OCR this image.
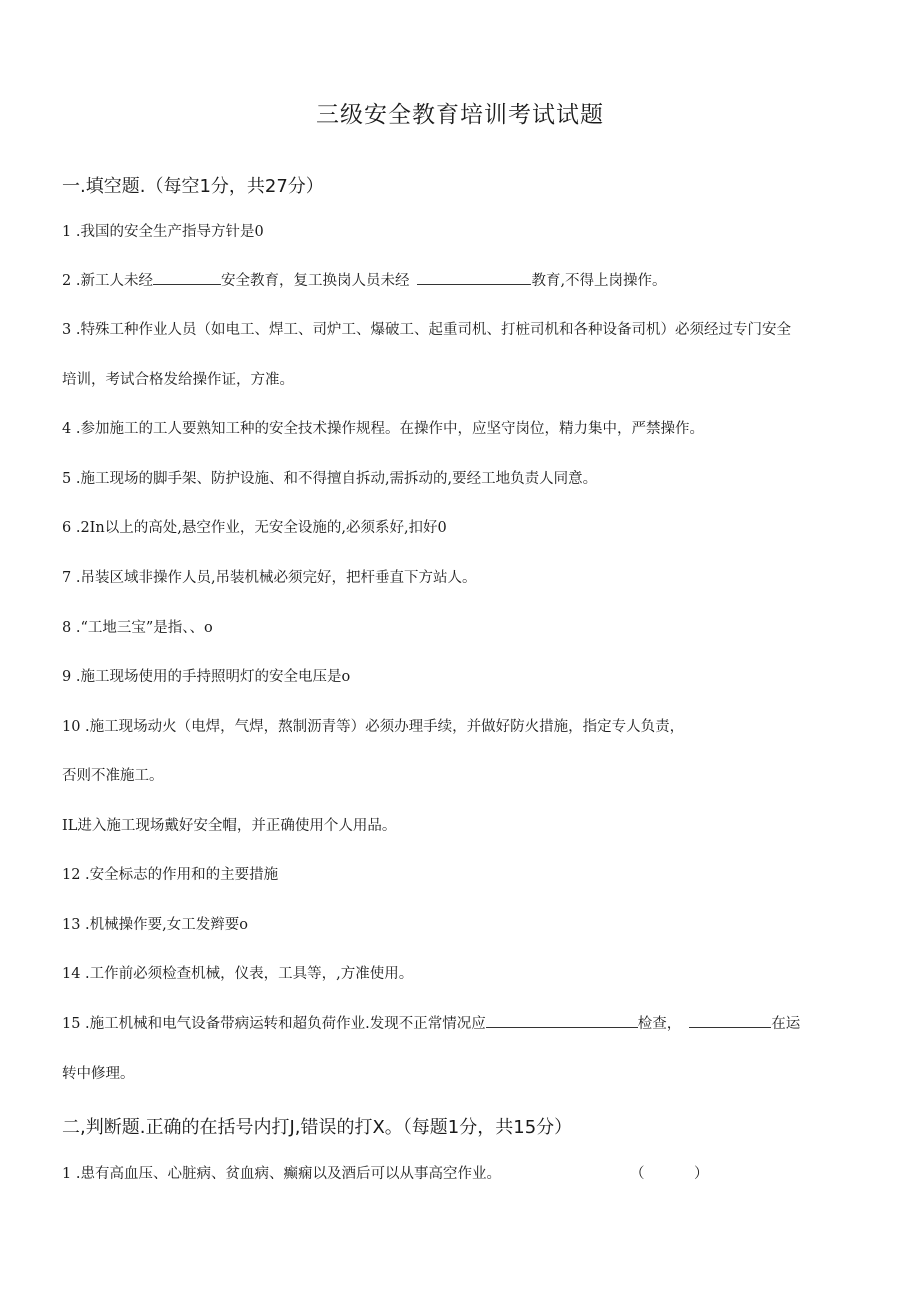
三级安全教育培训考试试题
一.填空题.（每空1分，共27分）
1 .我国的安全生产指导方针是0
2 .新工人未经	安全教育，复工换岗人员未经	教育,不得上岗操作。
3 .特殊工种作业人员（如电工、焊工、司炉工、爆破工、起重司机、打桩司机和各种设备司机）必须经过专门安全
培训，考试合格发给操作证，方准。
4 .参加施工的工人要熟知工种的安全技术操作规程。在操作中，应坚守岗位，精力集中，严禁操作。
5 .施工现场的脚手架、防护设施、和不得擅自拆动,需拆动的,要经工地负责人同意。
6 .2In以上的高处,悬空作业，无安全设施的,必须系好,扣好0
7 .吊装区域非操作人员,吊装机械必须完好，把杆垂直下方站人。
8 .“工地三宝”是指、、o
9 .施工现场使用的手持照明灯的安全电压是o
10 .施工现场动火（电焊，气焊，熬制沥青等）必须办理手续，并做好防火措施，指定专人负责，
否则不准施工。
IL进入施工现场戴好安全帽，并正确使用个人用品。
12 .安全标志的作用和的主要措施
13 .机械操作要,女工发辫要o
14 .工作前必须检查机械，仪表，工具等，,方准使用。
15 .施工机械和电气设备带病运转和超负荷作业.发现不正常情况应	检查，	在运
转中修理。
二,判断题.正确的在括号内打J,错误的打X。（每题1分，共15分）
1 .患有高血压、心脏病、贫血病、癫痫以及酒后可以从事高空作业。	（	）
